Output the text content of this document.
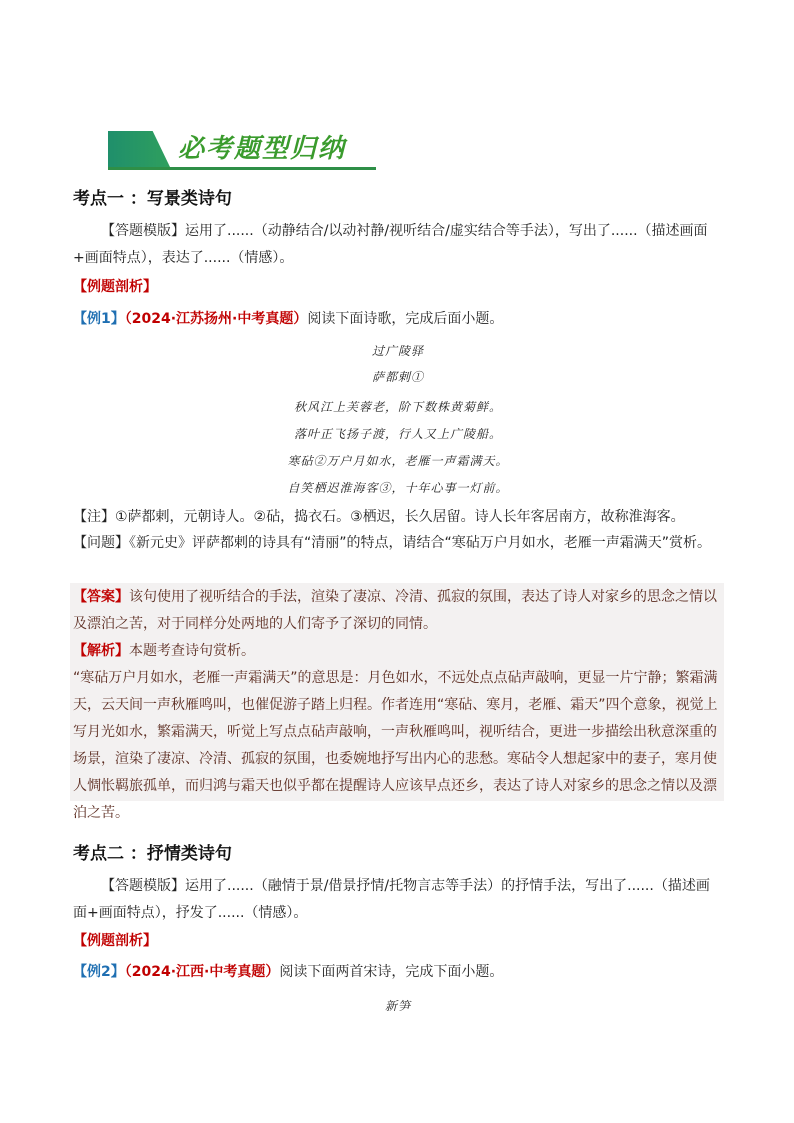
必考题型归纳
考点一 ：写景类诗句

【答题模版】运用了......（动静结合/以动衬静/视听结合/虚实结合等手法），写出了......（描述画面+画面特点），表达了......（情感）。

【例题剖析】
【例1】（2024·江苏扬州·中考真题）阅读下面诗歌，完成后面小题。
过广陵驿
萨都剌①
秋风江上芙蓉老，阶下数株黄菊鲜。
落叶正飞扬子渡，行人又上广陵船。
寒砧②万户月如水，老雁一声霜满天。
自笑栖迟淮海客③，十年心事一灯前。
【注】①萨都剌，元朝诗人。②砧，捣衣石。③栖迟，长久居留。诗人长年客居南方，故称淮海客。
【问题】《新元史》评萨都剌的诗具有“清丽”的特点，请结合“寒砧万户月如水，老雁一声霜满天”赏析。

【答案】该句使用了视听结合的手法，渲染了凄凉、冷清、孤寂的氛围，表达了诗人对家乡的思念之情以及漂泊之苦，对于同样分处两地的人们寄予了深切的同情。

【解析】本题考查诗句赏析。

“寒砧万户月如水，老雁一声霜满天”的意思是：月色如水，不远处点点砧声敲响，更显一片宁静；繁霜满天，云天间一声秋雁鸣叫，也催促游子踏上归程。作者连用“寒砧、寒月，老雁、霜天”四个意象，视觉上写月光如水，繁霜满天，听觉上写点点砧声敲响，一声秋雁鸣叫，视听结合，更进一步描绘出秋意深重的场景，渲染了凄凉、冷清、孤寂的氛围，也委婉地抒写出内心的悲愁。寒砧令人想起家中的妻子，寒月使人惆怅羁旅孤单，而归鸿与霜天也似乎都在提醒诗人应该早点还乡，表达了诗人对家乡的思念之情以及漂泊之苦。

考点二 ：抒情类诗句

【答题模版】运用了......（融情于景/借景抒情/托物言志等手法）的抒情手法，写出了......（描述画面+画面特点），抒发了......（情感）。

【例题剖析】
【例2】（2024·江西·中考真题）阅读下面两首宋诗，完成下面小题。
新笋
